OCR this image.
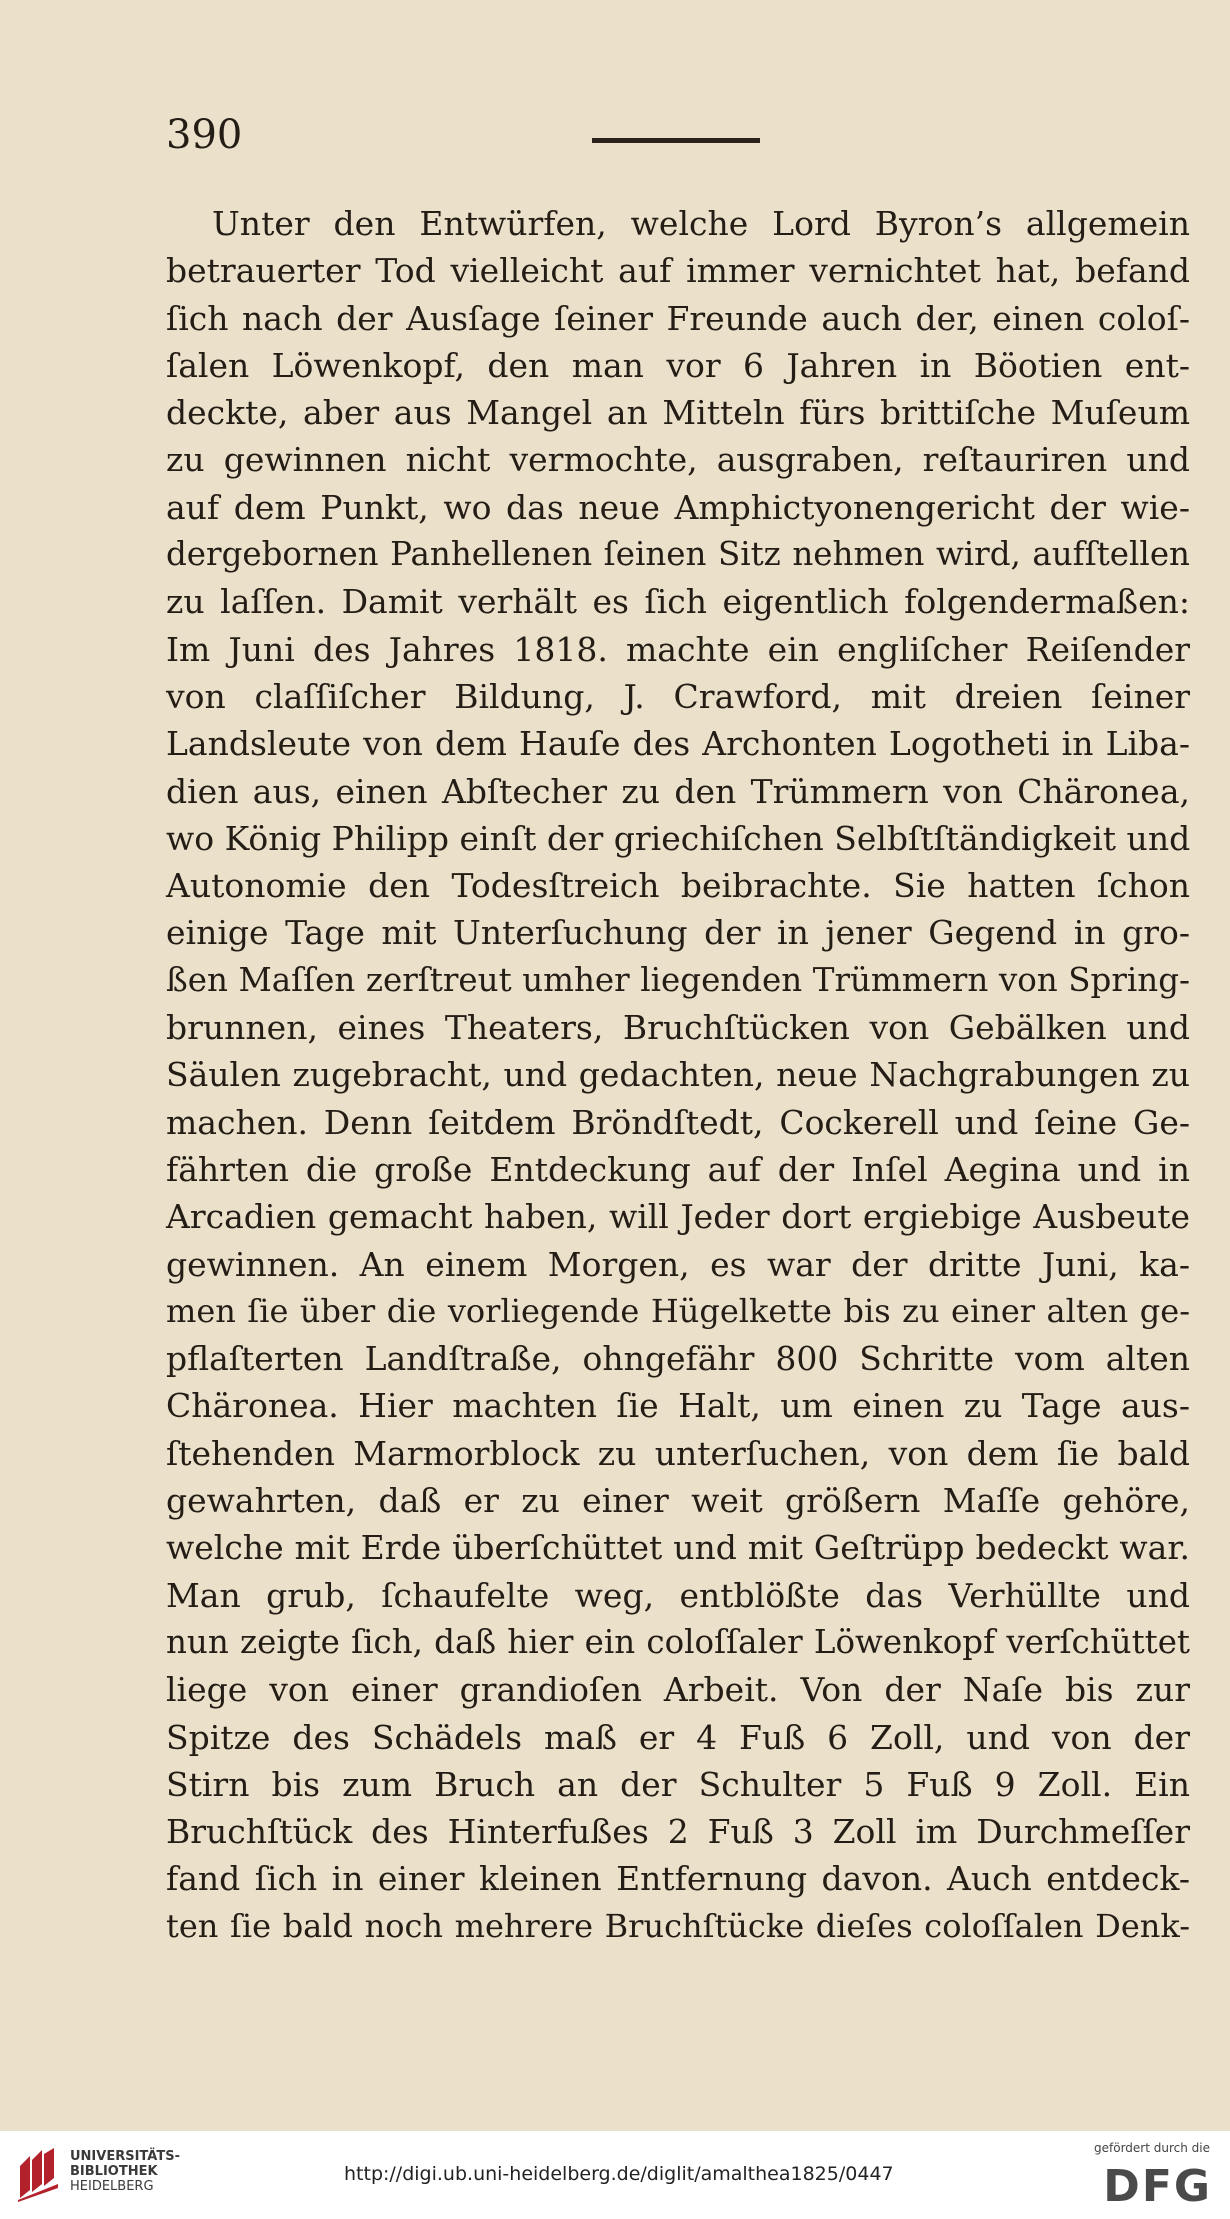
390
Unter den Entwürfen, welche Lord Byron’s allgemein
betrauerter Tod vielleicht auf immer vernichtet hat, befand
ſich nach der Ausſage ſeiner Freunde auch der, einen coloſ-
ſalen Löwenkopf, den man vor 6 Jahren in Böotien ent-
deckte, aber aus Mangel an Mitteln fürs brittiſche Muſeum
zu gewinnen nicht vermochte, ausgraben, reſtauriren und
auf dem Punkt, wo das neue Amphictyonengericht der wie-
dergebornen Panhellenen ſeinen Sitz nehmen wird, aufſtellen
zu laſſen. Damit verhält es ſich eigentlich folgendermaßen:
Im Juni des Jahres 1818. machte ein engliſcher Reiſender
von claſſiſcher Bildung, J. Crawford, mit dreien ſeiner
Landsleute von dem Hauſe des Archonten Logotheti in Liba-
dien aus, einen Abſtecher zu den Trümmern von Chäronea,
wo König Philipp einſt der griechiſchen Selbſtſtändigkeit und
Autonomie den Todesſtreich beibrachte. Sie hatten ſchon
einige Tage mit Unterſuchung der in jener Gegend in gro-
ßen Maſſen zerſtreut umher liegenden Trümmern von Spring-
brunnen, eines Theaters, Bruchſtücken von Gebälken und
Säulen zugebracht, und gedachten, neue Nachgrabungen zu
machen. Denn ſeitdem Bröndſtedt, Cockerell und ſeine Ge-
fährten die große Entdeckung auf der Inſel Aegina und in
Arcadien gemacht haben, will Jeder dort ergiebige Ausbeute
gewinnen. An einem Morgen, es war der dritte Juni, ka-
men ſie über die vorliegende Hügelkette bis zu einer alten ge-
pflaſterten Landſtraße, ohngefähr 800 Schritte vom alten
Chäronea. Hier machten ſie Halt, um einen zu Tage aus-
ſtehenden Marmorblock zu unterſuchen, von dem ſie bald
gewahrten, daß er zu einer weit größern Maſſe gehöre,
welche mit Erde überſchüttet und mit Geſtrüpp bedeckt war.
Man grub, ſchaufelte weg, entblößte das Verhüllte und
nun zeigte ſich, daß hier ein coloſſaler Löwenkopf verſchüttet
liege von einer grandioſen Arbeit. Von der Naſe bis zur
Spitze des Schädels maß er 4 Fuß 6 Zoll, und von der
Stirn bis zum Bruch an der Schulter 5 Fuß 9 Zoll. Ein
Bruchſtück des Hinterfußes 2 Fuß 3 Zoll im Durchmeſſer
fand ſich in einer kleinen Entfernung davon. Auch entdeck-
ten ſie bald noch mehrere Bruchſtücke dieſes coloſſalen Denk-
UNIVERSITÄTS-
BIBLIOTHEK
HEIDELBERG
http://digi.ub.uni-heidelberg.de/diglit/amalthea1825/0447
gefördert durch die
DFG
